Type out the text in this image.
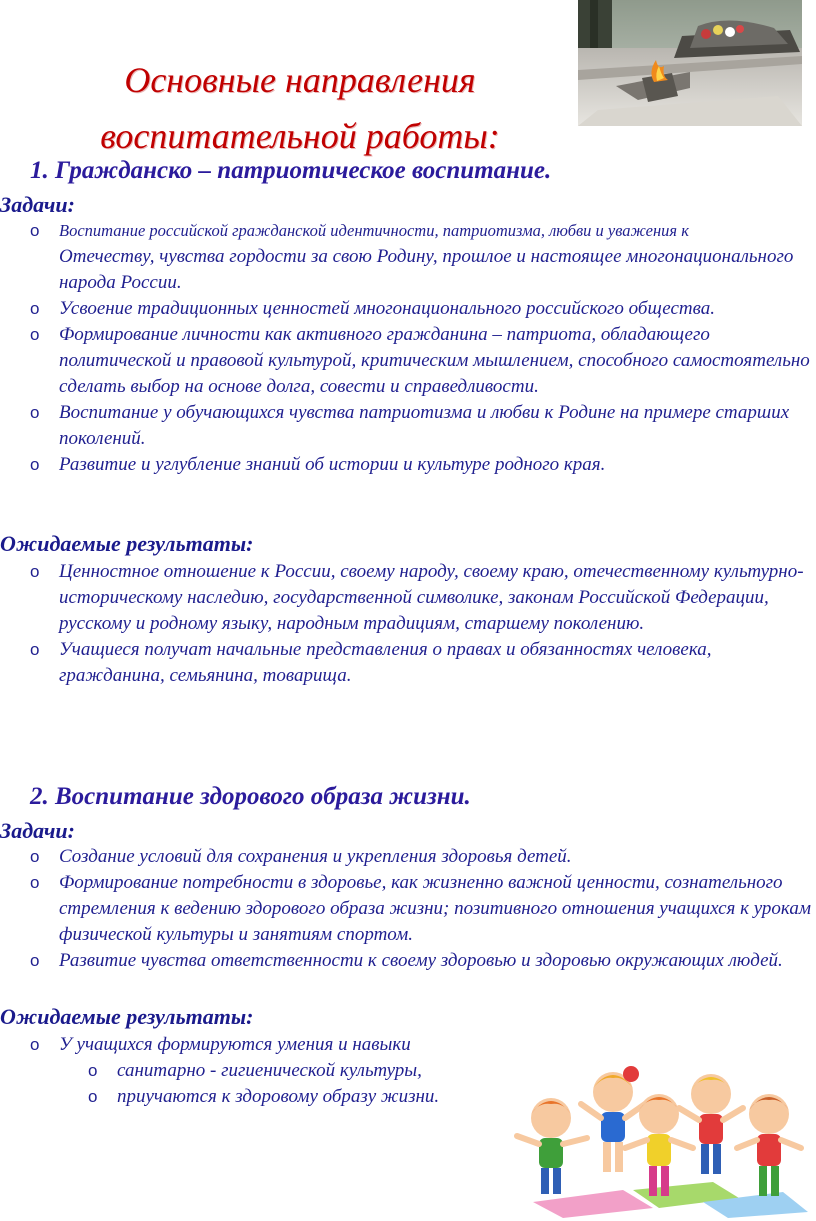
Основные направления
воспитательной работы:
1. Гражданско – патриотическое воспитание.
Задачи:
o Воспитание российской гражданской идентичности, патриотизма, любви и уважения к
Отечеству, чувства гордости за свою Родину, прошлое и настоящее многонационального народа России.
o Усвоение традиционных ценностей многонационального российского общества.
o Формирование личности как активного гражданина – патриота, обладающего политической и правовой культурой, критическим мышлением, способного самостоятельно сделать выбор на основе долга, совести и справедливости.
o Воспитание у обучающихся чувства патриотизма и любви к Родине на примере старших поколений.
o Развитие и углубление знаний об истории и культуре родного края.
Ожидаемые результаты:
o Ценностное отношение к России, своему народу, своему краю, отечественному культурно-историческому наследию, государственной символике, законам Российской Федерации, русскому и родному языку, народным традициям, старшему поколению.
o Учащиеся получат начальные представления о правах и обязанностях человека, гражданина, семьянина, товарища.
2. Воспитание здорового образа жизни.
Задачи:
o Создание условий для сохранения и укрепления здоровья детей.
o Формирование потребности в здоровье, как жизненно важной ценности, сознательного стремления к ведению здорового образа жизни; позитивного отношения учащихся к урокам физической культуры и занятиям спортом.
o Развитие чувства ответственности к своему здоровью и здоровью окружающих людей.
Ожидаемые результаты:
o У учащихся формируются умения и навыки
o санитарно - гигиенической культуры,
o приучаются к здоровому образу жизни.
